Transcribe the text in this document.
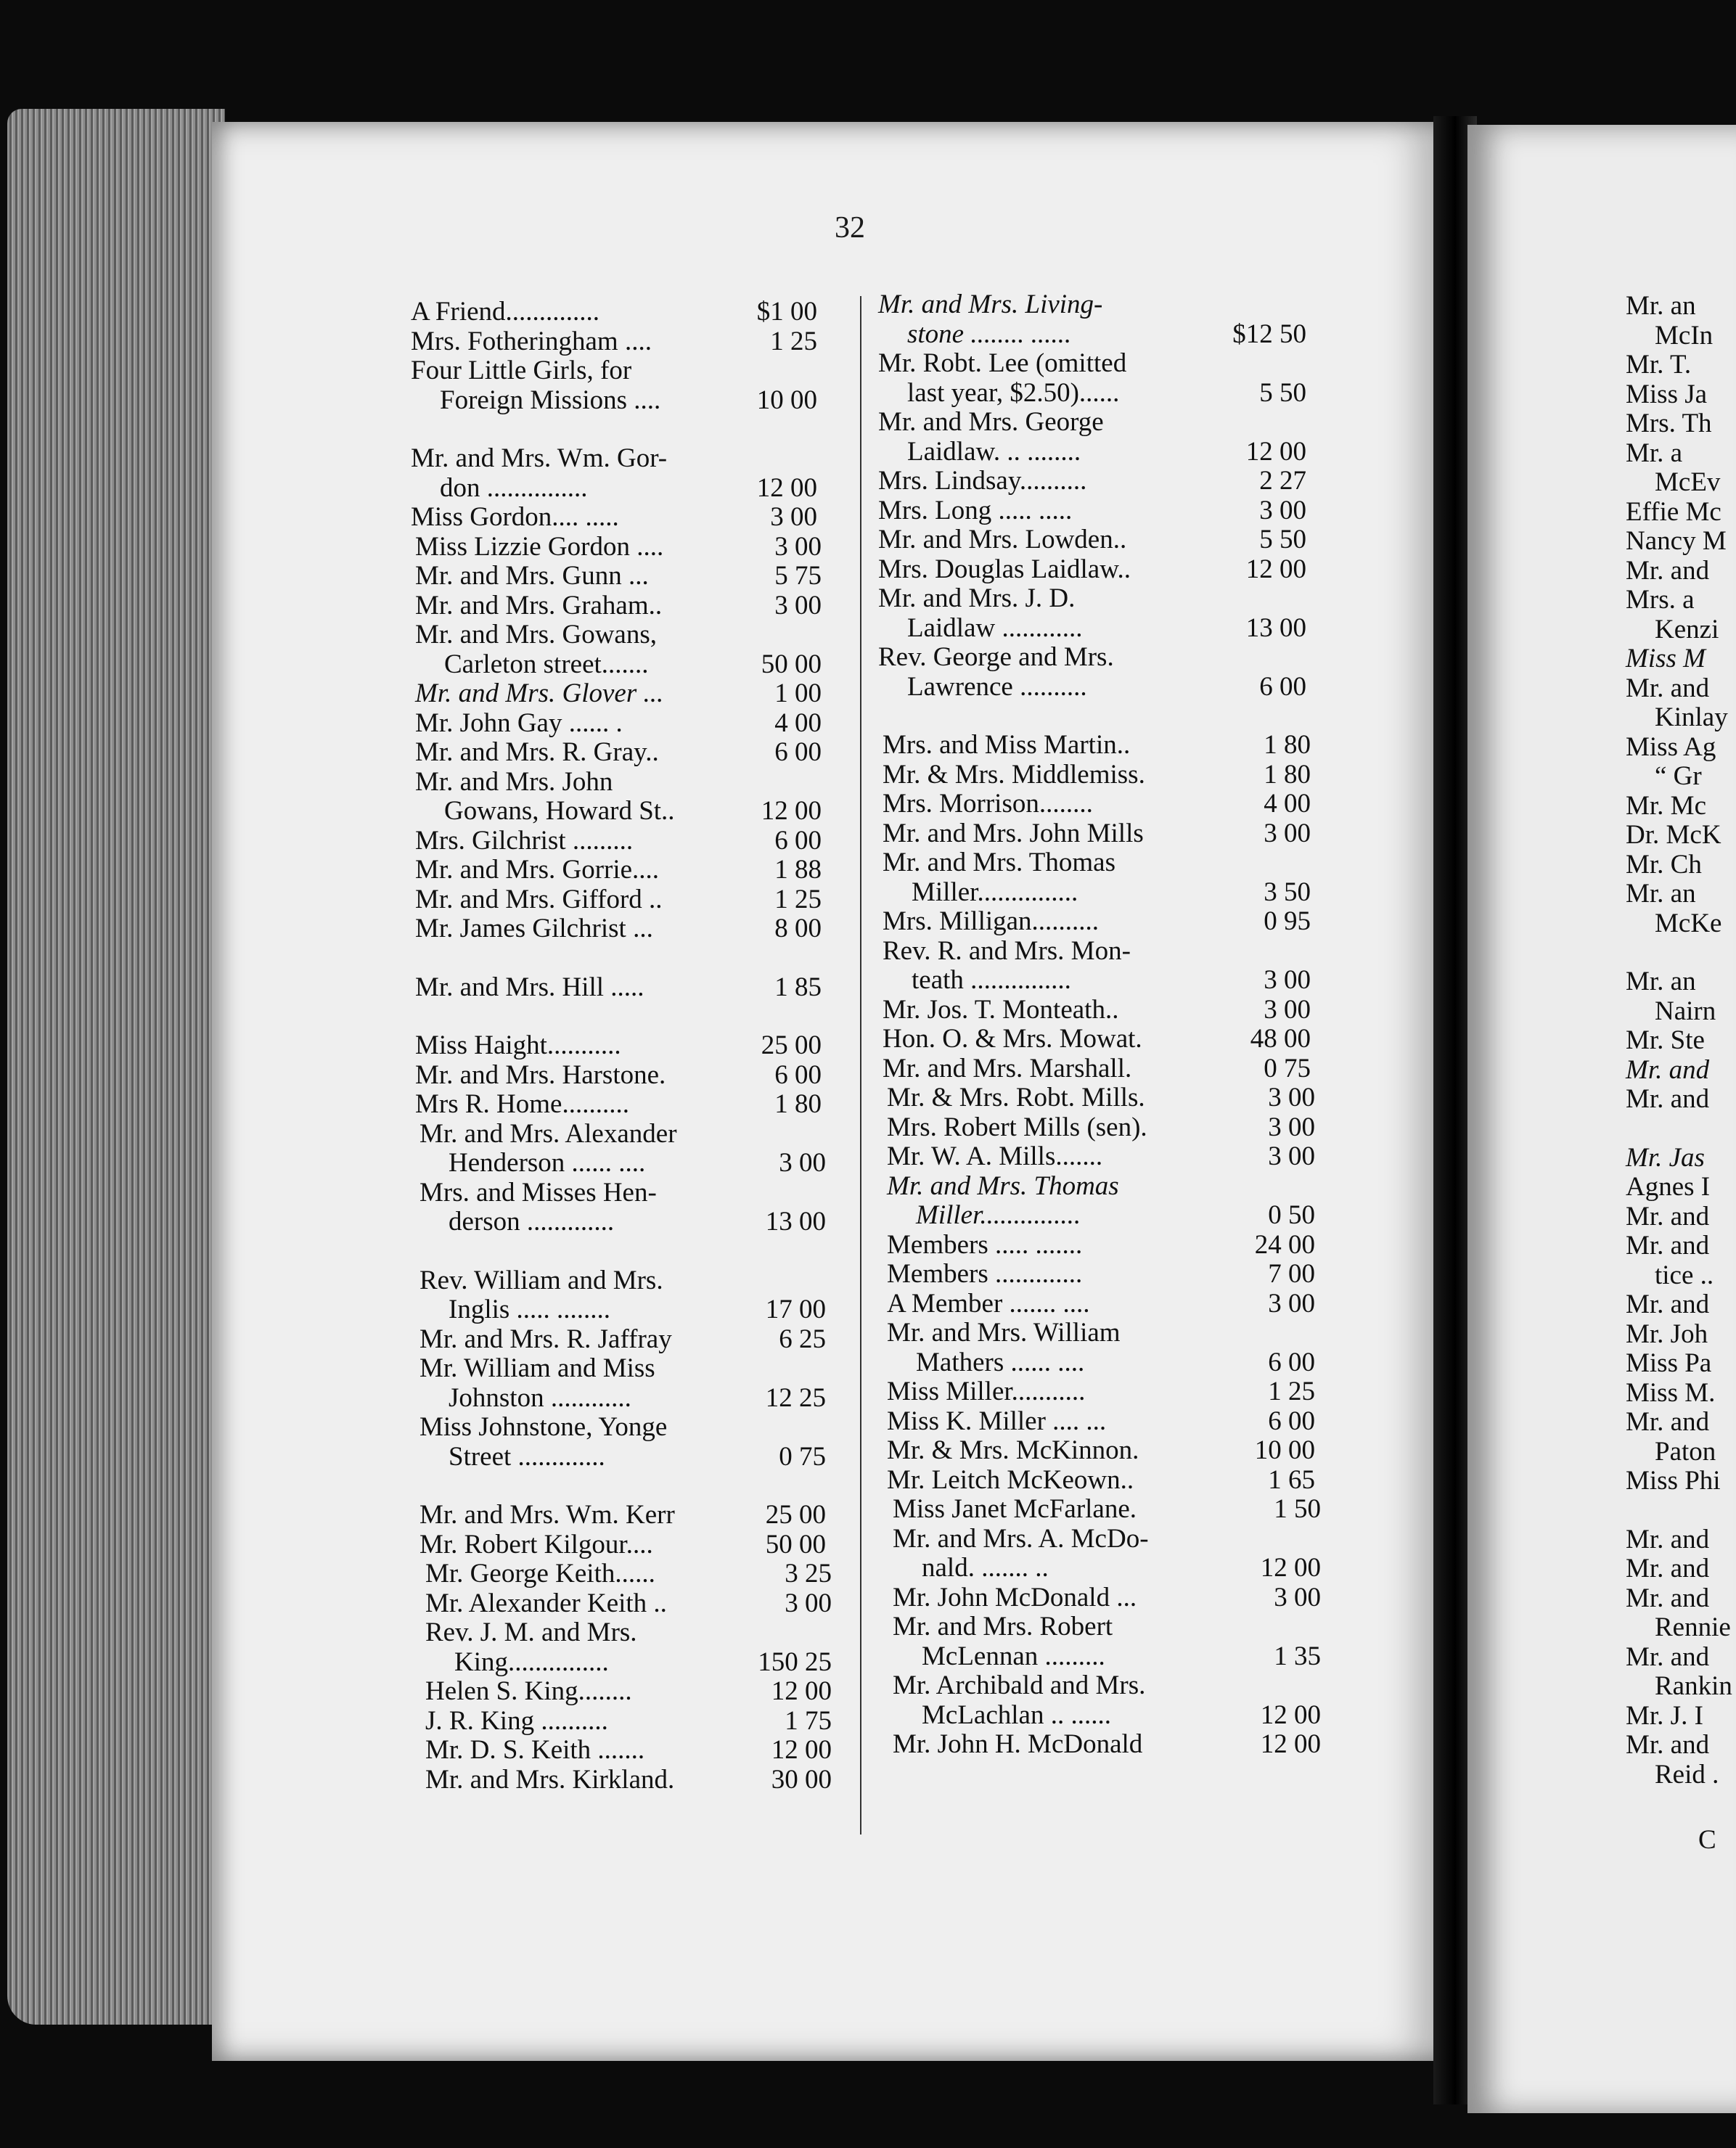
32
A Friend..............	$1 00
Mrs. Fotheringham ....	1 25
Four Little Girls, for
Foreign Missions ....	10 00
Mr. and Mrs. Wm. Gor-
don ...............	12 00
Miss Gordon.... .....	3 00
Miss Lizzie Gordon ....	3 00
Mr. and Mrs. Gunn ...	5 75
Mr. and Mrs. Graham..	3 00
Mr. and Mrs. Gowans,
Carleton street.......	50 00
Mr. and Mrs. Glover ...	1 00
Mr. John Gay ...... .	4 00
Mr. and Mrs. R. Gray..	6 00
Mr. and Mrs. John
Gowans, Howard St..	12 00
Mrs. Gilchrist .........	6 00
Mr. and Mrs. Gorrie....	1 88
Mr. and Mrs. Gifford ..	1 25
Mr. James Gilchrist ...	8 00
Mr. and Mrs. Hill .....	1 85
Miss Haight...........	25 00
Mr. and Mrs. Harstone.	6 00
Mrs R. Home..........	1 80
Mr. and Mrs. Alexander
Henderson ...... ....	3 00
Mrs. and Misses Hen-
derson .............	13 00
Rev. William and Mrs.
Inglis ..... ........	17 00
Mr. and Mrs. R. Jaffray	6 25
Mr. William and Miss
Johnston ............	12 25
Miss Johnstone, Yonge
Street .............	0 75
Mr. and Mrs. Wm. Kerr	25 00
Mr. Robert Kilgour....	50 00
Mr. George Keith......	3 25
Mr. Alexander Keith ..	3 00
Rev. J. M. and Mrs.
King...............	150 25
Helen S. King........	12 00
J. R. King ..........	1 75
Mr. D. S. Keith .......	12 00
Mr. and Mrs. Kirkland.	30 00
Mr. and Mrs. Living-
stone ........ ......	$12 50
Mr. Robt. Lee (omitted
last year, $2.50)......	5 50
Mr. and Mrs. George
Laidlaw. .. ........	12 00
Mrs. Lindsay..........	2 27
Mrs. Long ..... .....	3 00
Mr. and Mrs. Lowden..	5 50
Mrs. Douglas Laidlaw..	12 00
Mr. and Mrs. J. D.
Laidlaw ............	13 00
Rev. George and Mrs.
Lawrence ..........	6 00
Mrs. and Miss Martin..	1 80
Mr. & Mrs. Middlemiss.	1 80
Mrs. Morrison........	4 00
Mr. and Mrs. John Mills	3 00
Mr. and Mrs. Thomas
Miller...............	3 50
Mrs. Milligan..........	0 95
Rev. R. and Mrs. Mon-
teath ...............	3 00
Mr. Jos. T. Monteath..	3 00
Hon. O. & Mrs. Mowat.	48 00
Mr. and Mrs. Marshall.	0 75
Mr. & Mrs. Robt. Mills.	3 00
Mrs. Robert Mills (sen).	3 00
Mr. W. A. Mills.......	3 00
Mr. and Mrs. Thomas
Miller...............	0 50
Members ..... .......	24 00
Members .............	7 00
A Member ....... ....	3 00
Mr. and Mrs. William
Mathers ...... ....	6 00
Miss Miller...........	1 25
Miss K. Miller .... ...	6 00
Mr. & Mrs. McKinnon.	10 00
Mr. Leitch McKeown..	1 65
Miss Janet McFarlane.	1 50
Mr. and Mrs. A. McDo-
nald. ....... ..	12 00
Mr. John McDonald ...	3 00
Mr. and Mrs. Robert
McLennan .........	1 35
Mr. Archibald and Mrs.
McLachlan .. ......	12 00
Mr. John H. McDonald	12 00
Mr. an
McIn
Mr. T.
Miss Ja
Mrs. Th
Mr. a
McEv
Effie Mc
Nancy M
Mr. and
Mrs. a
Kenzi
Miss M
Mr. and
Kinlay
Miss Ag
“ Gr
Mr. Mc
Dr. McK
Mr. Ch
Mr. an
McKe
Mr. an
Nairn
Mr. Ste
Mr. and
Mr. and
Mr. Jas
Agnes I
Mr. and
Mr. and
tice ..
Mr. and
Mr. Joh
Miss Pa
Miss M.
Mr. and
Paton
Miss Phi
Mr. and
Mr. and
Mr. and
Rennie
Mr. and
Rankin
Mr. J. I
Mr. and
Reid .
C
